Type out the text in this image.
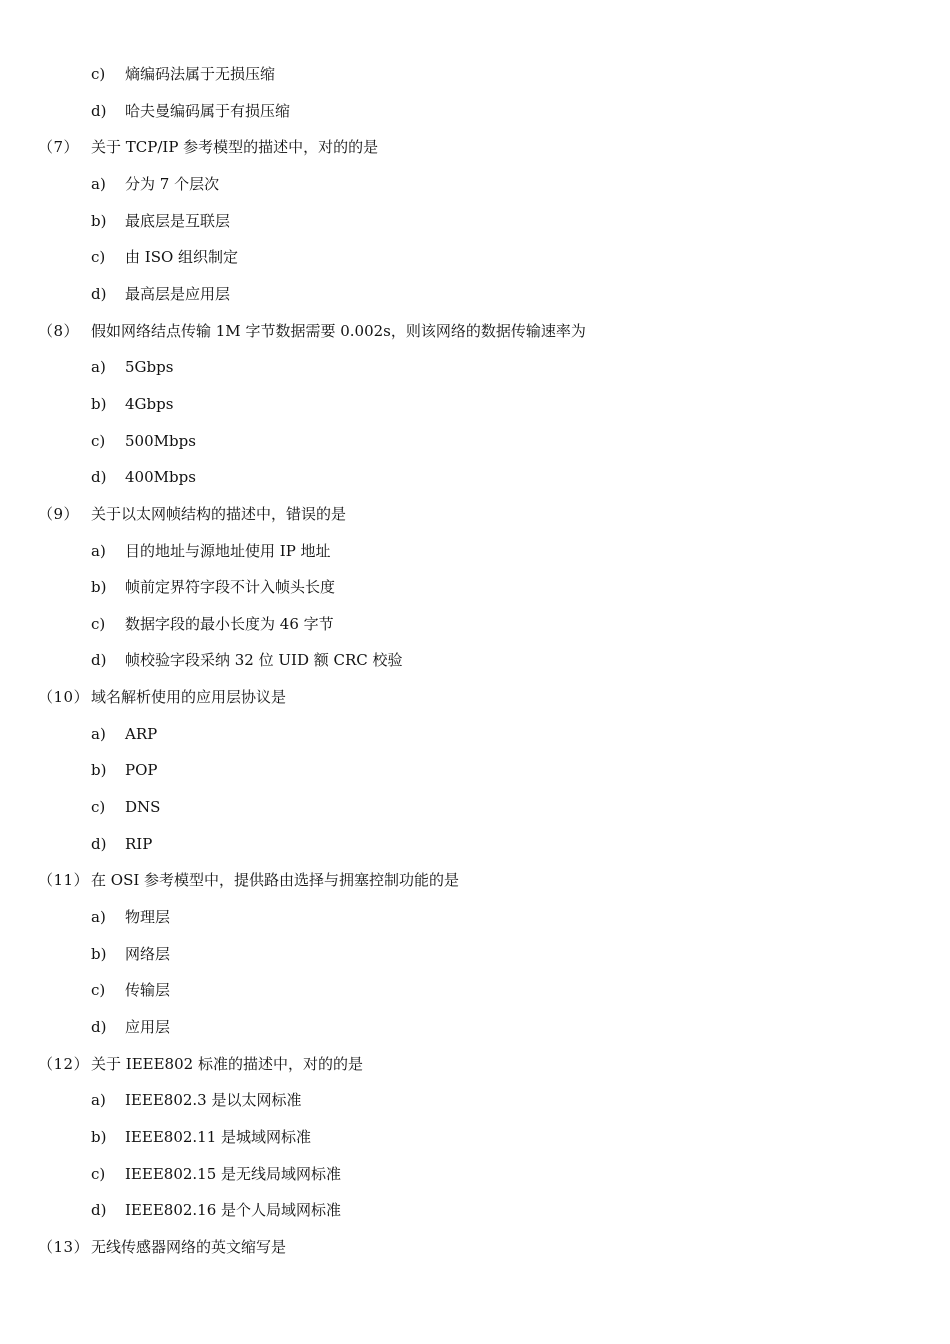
c) 熵编码法属于无损压缩
d) 哈夫曼编码属于有损压缩
（7） 关于 TCP/IP 参考模型的描述中，对的的是
a) 分为 7 个层次
b) 最底层是互联层
c) 由 ISO 组织制定
d) 最高层是应用层
（8） 假如网络结点传输 1M 字节数据需要 0.002s，则该网络的数据传输速率为
a) 5Gbps
b) 4Gbps
c) 500Mbps
d) 400Mbps
（9） 关于以太网帧结构的描述中，错误的是
a) 目的地址与源地址使用 IP 地址
b) 帧前定界符字段不计入帧头长度
c) 数据字段的最小长度为 46 字节
d) 帧校验字段采纳 32 位 UID 额 CRC 校验
（10） 域名解析使用的应用层协议是
a) ARP
b) POP
c) DNS
d) RIP
（11） 在 OSI 参考模型中，提供路由选择与拥塞控制功能的是
a) 物理层
b) 网络层
c) 传输层
d) 应用层
（12） 关于 IEEE802 标准的描述中，对的的是
a) IEEE802.3 是以太网标准
b) IEEE802.11 是城域网标准
c) IEEE802.15 是无线局域网标准
d) IEEE802.16 是个人局域网标准
（13） 无线传感器网络的英文缩写是
